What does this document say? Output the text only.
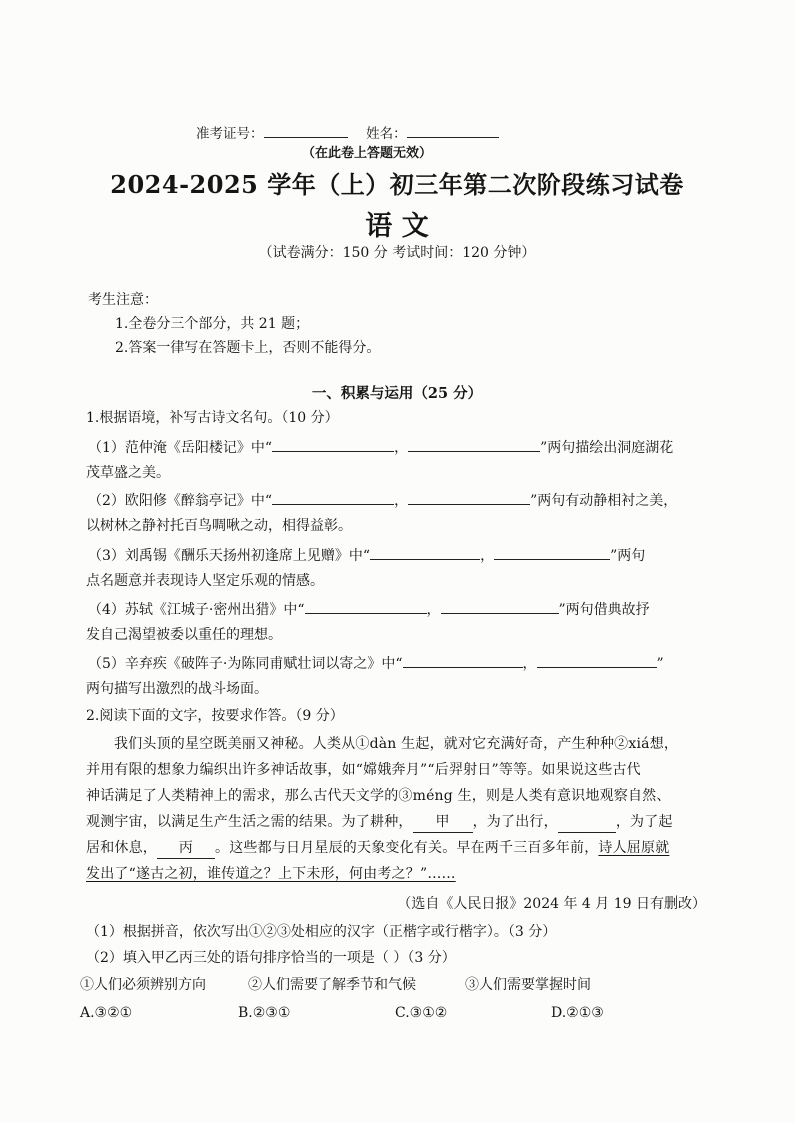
准考证号：	姓名：
（在此卷上答题无效）
2024-2025 学年（上）初三年第二次阶段练习试卷
语 文
（试卷满分：150 分 考试时间：120 分钟）
考生注意：
1.全卷分三个部分，共 21 题；
2.答案一律写在答题卡上，否则不能得分。
一、积累与运用（25 分）
1.根据语境，补写古诗文名句。（10 分）
（1）范仲淹《岳阳楼记》中“	，	”两句描绘出洞庭湖花
茂草盛之美。
（2）欧阳修《醉翁亭记》中“	，	”两句有动静相衬之美，
以树林之静衬托百鸟啁啾之动，相得益彰。
（3）刘禹锡《酬乐天扬州初逢席上见赠》中“	，	”两句
点名题意并表现诗人坚定乐观的情感。
（4）苏轼《江城子·密州出猎》中“	，	”两句借典故抒
发自己渴望被委以重任的理想。
（5）辛弃疾《破阵子·为陈同甫赋壮词以寄之》中“	，	”
两句描写出激烈的战斗场面。
2.阅读下面的文字，按要求作答。（9 分）
我们头顶的星空既美丽又神秘。人类从①dàn 生起，就对它充满好奇，产生种种②xiá想，
并用有限的想象力编织出许多神话故事，如“嫦娥奔月”“后羿射日”等等。如果说这些古代
神话满足了人类精神上的需求，那么古代天文学的③méng 生，则是人类有意识地观察自然、
观测宇宙，以满足生产生活之需的结果。为了耕种， 甲 ，为了出行，	，为了起
居和休息， 丙 。这些都与日月星辰的天象变化有关。早在两千三百多年前，诗人屈原就
发出了“遂古之初，谁传道之？上下未形，何由考之？”……
（选自《人民日报》2024 年 4 月 19 日有删改）
（1）根据拼音，依次写出①②③处相应的汉字（正楷字或行楷字）。（3 分）
（2）填入甲乙丙三处的语句排序恰当的一项是（ ）（3 分）
①人们必须辨别方向	②人们需要了解季节和气候	③人们需要掌握时间
A.③②①	B.②③①	C.③①②	D.②①③
